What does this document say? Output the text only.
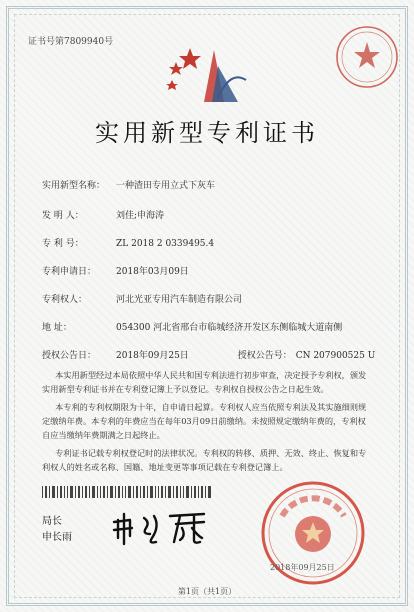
证书号第7809940号
实用新型专利证书
实用新型名称： 一种渣田专用立式下灰车
发 明 人：	刘佳;申海涛
专 利 号：	ZL 2018 2 0339495.4
专利申请日： 2018年03月09日
专利权人：	河北光亚专用汽车制造有限公司
地 址：	054300 河北省邢台市临城经济开发区东侧临城大道南侧
授权公告日： 2018年09月25日	授权公告号： CN 207900525 U
本实用新型经过本局依照中华人民共和国专利法进行初步审查，决定授予专利权，颁发实用新型专利证书并在专利登记簿上予以登记。专利权自授权公告之日起生效。
本专利的专利权期限为十年，自申请日起算。专利权人应当依照专利法及其实施细则规定缴纳年费。本专利的年费应当在每年03月09日前缴纳。未按照规定缴纳年费的，专利权自应当缴纳年费期满之日起终止。
专利证书记载专利权登记时的法律状况。专利权的转移、质押、无效、终止、恢复和专利权人的姓名或名称、国籍、地址变更等事项记载在专利登记簿上。
局长
申长雨
2018年09月25日
第1页（共1页）
